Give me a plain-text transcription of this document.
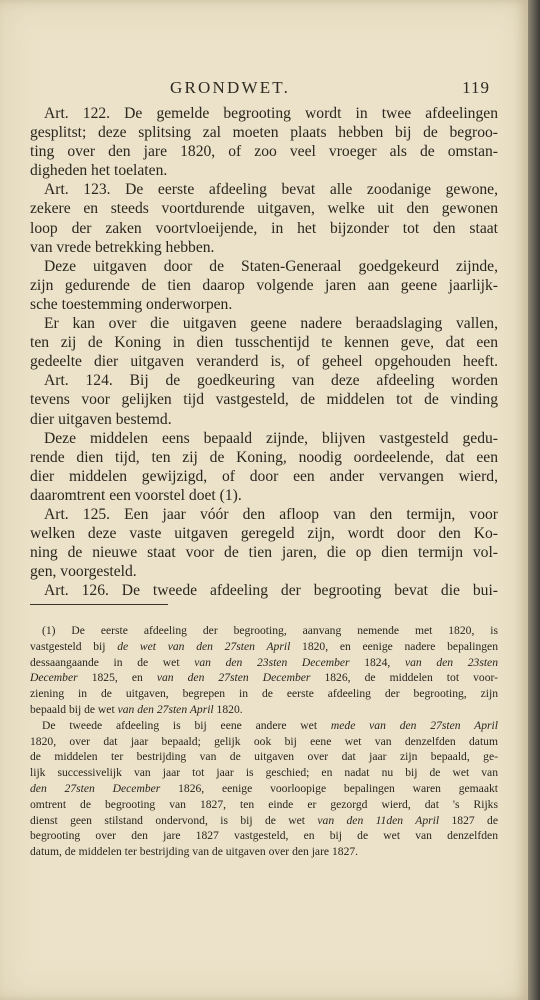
GRONDWET.	119
Art. 122. De gemelde begrooting wordt in twee afdeelingen
gesplitst; deze splitsing zal moeten plaats hebben bij de begroo-
ting over den jare 1820, of zoo veel vroeger als de omstan-
digheden het toelaten.
Art. 123. De eerste afdeeling bevat alle zoodanige gewone,
zekere en steeds voortdurende uitgaven, welke uit den gewonen
loop der zaken voortvloeijende, in het bijzonder tot den staat
van vrede betrekking hebben.
Deze uitgaven door de Staten-Generaal goedgekeurd zijnde,
zijn gedurende de tien daarop volgende jaren aan geene jaarlijk-
sche toestemming onderworpen.
Er kan over die uitgaven geene nadere beraadslaging vallen,
ten zij de Koning in dien tusschentijd te kennen geve, dat een
gedeelte dier uitgaven veranderd is, of geheel opgehouden heeft.
Art. 124. Bij de goedkeuring van deze afdeeling worden
tevens voor gelijken tijd vastgesteld, de middelen tot de vinding
dier uitgaven bestemd.
Deze middelen eens bepaald zijnde, blijven vastgesteld gedu-
rende dien tijd, ten zij de Koning, noodig oordeelende, dat een
dier middelen gewijzigd, of door een ander vervangen wierd,
daaromtrent een voorstel doet (1).
Art. 125. Een jaar vóór den afloop van den termijn, voor
welken deze vaste uitgaven geregeld zijn, wordt door den Ko-
ning de nieuwe staat voor de tien jaren, die op dien termijn vol-
gen, voorgesteld.
Art. 126. De tweede afdeeling der begrooting bevat die bui-
(1) De eerste afdeeling der begrooting, aanvang nemende met 1820, is
vastgesteld bij de wet van den 27sten April 1820, en eenige nadere bepalingen
dessaangaande in de wet van den 23sten December 1824, van den 23sten
December 1825, en van den 27sten December 1826, de middelen tot voor-
ziening in de uitgaven, begrepen in de eerste afdeeling der begrooting, zijn
bepaald bij de wet van den 27sten April 1820.
De tweede afdeeling is bij eene andere wet mede van den 27sten April
1820, over dat jaar bepaald; gelijk ook bij eene wet van denzelfden datum
de middelen ter bestrijding van de uitgaven over dat jaar zijn bepaald, ge-
lijk successivelijk van jaar tot jaar is geschied; en nadat nu bij de wet van
den 27sten December 1826, eenige voorloopige bepalingen waren gemaakt
omtrent de begrooting van 1827, ten einde er gezorgd wierd, dat 's Rijks
dienst geen stilstand ondervond, is bij de wet van den 11den April 1827 de
begrooting over den jare 1827 vastgesteld, en bij de wet van denzelfden
datum, de middelen ter bestrijding van de uitgaven over den jare 1827.
